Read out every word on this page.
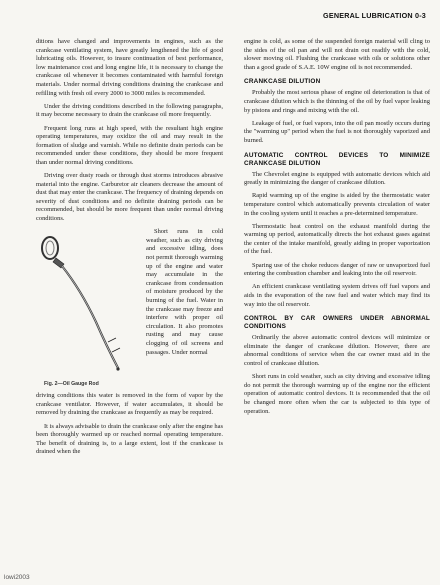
GENERAL LUBRICATION 0-3

ditions have changed and improvements in engines, such as the crankcase ventilating system, have greatly lengthened the life of good lubricating oils. However, to insure continuation of best performance, low maintenance cost and long engine life, it is necessary to change the crankcase oil whenever it becomes contaminated with harmful foreign materials. Under normal driving conditions draining the crankcase and refilling with fresh oil every 2000 to 3000 miles is recommended.

Under the driving conditions described in the following paragraphs, it may become necessary to drain the crankcase oil more frequently.

Frequent long runs at high speed, with the resultant high engine operating temperatures, may oxidize the oil and may result in the formation of sludge and varnish. While no definite drain periods can be recommended under these conditions, they should be more frequent than under normal driving conditions.

Driving over dusty roads or through dust storms introduces abrasive material into the engine. Carburetor air cleaners decrease the amount of dust that may enter the crankcase. The frequency of draining depends on severity of dust conditions and no definite draining periods can be recommended, but should be more frequent than under normal driving conditions.

Fig. 2—Oil Gauge Rod

Short runs in cold weather, such as city driving and excessive idling, does not permit thorough warming up of the engine and water may accumulate in the crankcase from condensation of moisture produced by the burning of the fuel. Water in the crankcase may freeze and interfere with proper oil circulation. It also promotes rusting and may cause clogging of oil screens and passages. Under normal

driving conditions this water is removed in the form of vapor by the crankcase ventilator. However, if water accumulates, it should be removed by draining the crankcase as frequently as may be required.

It is always advisable to drain the crankcase only after the engine has been thoroughly warmed up or reached normal operating temperature. The benefit of draining is, to a large extent, lost if the crankcase is drained when the

engine is cold, as some of the suspended foreign material will cling to the sides of the oil pan and will not drain out readily with the cold, slower moving oil. Flushing the crankcase with oils or solutions other than a good grade of S.A.E. 10W engine oil is not recommended.

CRANKCASE DILUTION

Probably the most serious phase of engine oil deterioration is that of crankcase dilution which is the thinning of the oil by fuel vapor leaking by pistons and rings and mixing with the oil.

Leakage of fuel, or fuel vapors, into the oil pan mostly occurs during the "warming up" period when the fuel is not thoroughly vaporized and burned.

AUTOMATIC CONTROL DEVICES TO MINIMIZE CRANKCASE DILUTION

The Chevrolet engine is equipped with automatic devices which aid greatly in minimizing the danger of crankcase dilution.

Rapid warming up of the engine is aided by the thermostatic water temperature control which automatically prevents circulation of water in the cooling system until it reaches a pre-determined temperature.

Thermostatic heat control on the exhaust manifold during the warming up period, automatically directs the hot exhaust gases against the center of the intake manifold, greatly aiding in proper vaporization of the fuel.

Sparing use of the choke reduces danger of raw or unvaporized fuel entering the combustion chamber and leaking into the oil reservoir.

An efficient crankcase ventilating system drives off fuel vapors and aids in the evaporation of the raw fuel and water which may find its way into the oil reservoir.

CONTROL BY CAR OWNERS UNDER ABNORMAL CONDITIONS

Ordinarily the above automatic control devices will minimize or eliminate the danger of crankcase dilution. However, there are abnormal conditions of service when the car owner must aid in the control of crankcase dilution.

Short runs in cold weather, such as city driving and excessive idling do not permit the thorough warming up of the engine nor the efficient operation of automatic control devices. It is recommended that the oil be changed more often when the car is subjected to this type of operation.

lowi2003
